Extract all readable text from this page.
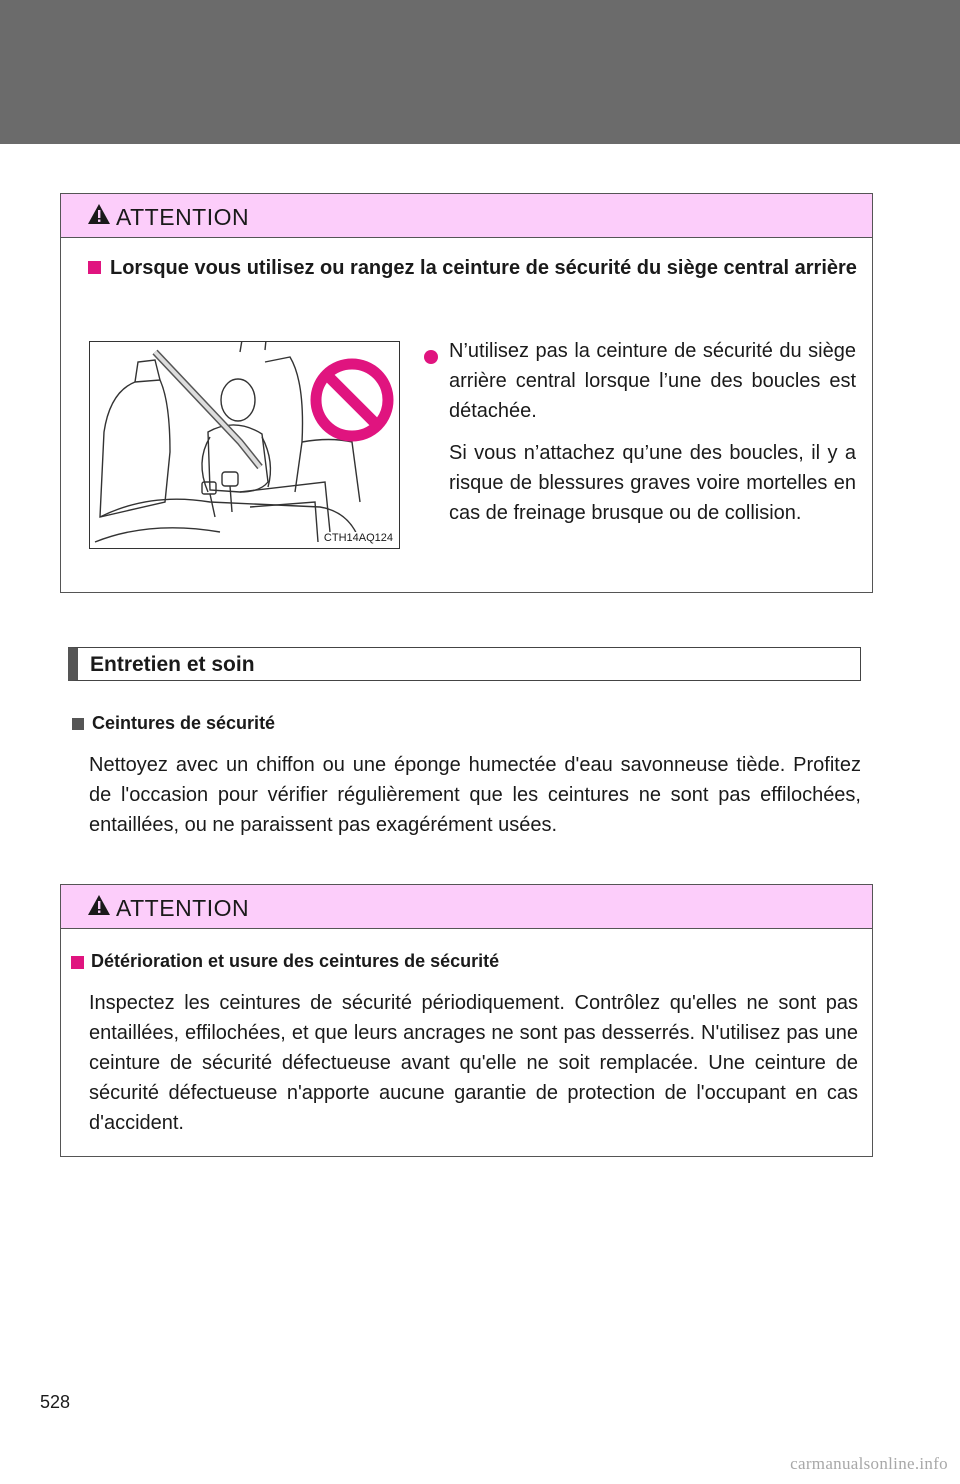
ATTENTION
Lorsque vous utilisez ou rangez la ceinture de sécurité du siège central arrière
CTH14AQ124
N’utilisez pas la ceinture de sécurité du siège arrière central lorsque l’une des boucles est détachée.
Si vous n’attachez qu’une des boucles, il y a risque de blessures graves voire mortelles en cas de freinage brusque ou de collision.
Entretien et soin
Ceintures de sécurité
Nettoyez avec un chiffon ou une éponge humectée d'eau savonneuse tiède. Profitez de l'occasion pour vérifier régulièrement que les ceintures ne sont pas effilochées, entaillées, ou ne paraissent pas exagérément usées.
ATTENTION
Détérioration et usure des ceintures de sécurité
Inspectez les ceintures de sécurité périodiquement. Contrôlez qu'elles ne sont pas entaillées, effilochées, et que leurs ancrages ne sont pas desserrés. N'utilisez pas une ceinture de sécurité défectueuse avant qu'elle ne soit remplacée. Une ceinture de sécurité défectueuse n'apporte aucune garantie de protection de l'occupant en cas d'accident.
528
carmanualsonline.info
